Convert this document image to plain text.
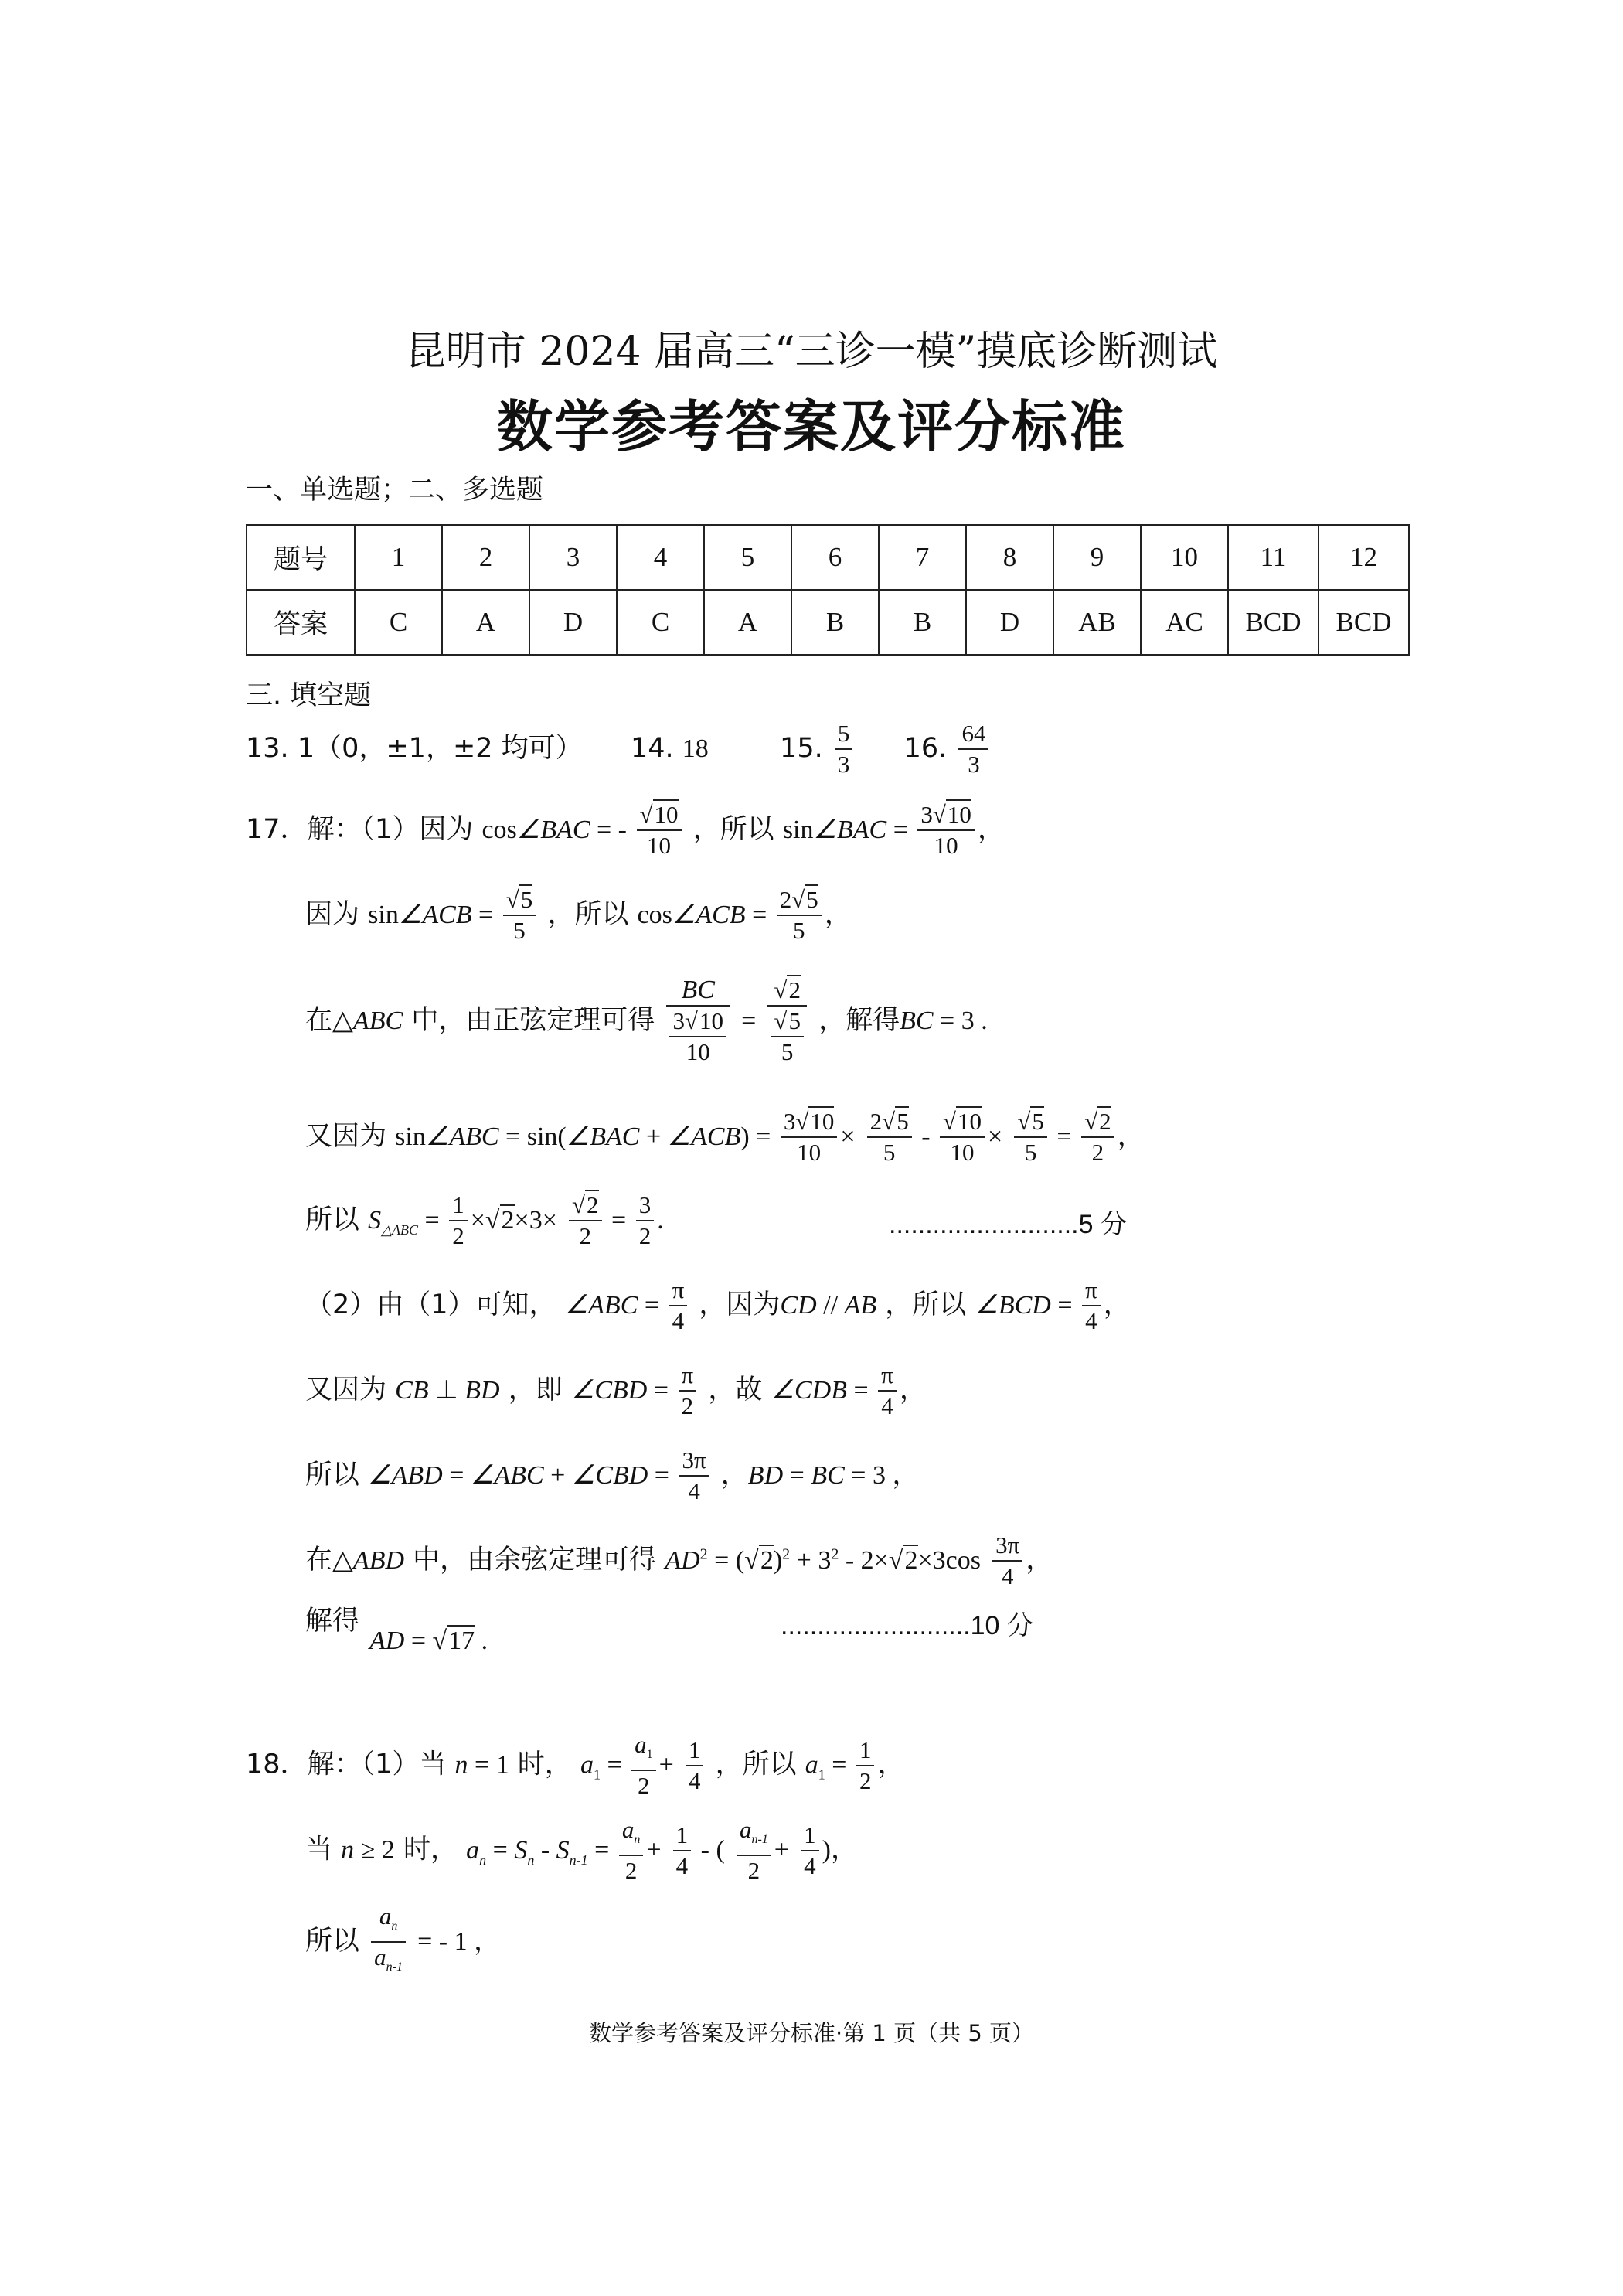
昆明市 2024 届高三“三诊一模”摸底诊断测试
数学参考答案及评分标准
一、单选题；二、多选题
题号	1	2	3	4	5	6	7	8	9	10	11	12
答案	C	A	D	C	A	B	B	D	AB	AC	BCD	BCD
三. 填空题
13. 1（0，±1，±2 均可） 14. 18	15. $\frac{5}{3} 16$. $\frac{64}{3}$
17．解：（1）因为 cos∠BAC = - $\frac{√10}{10}$ ，所以 sin∠BAC = $\frac{3√10}{10}$ ，
因为 sin∠ACB = $\frac{√5}{5}$ ，所以 cos∠ACB = $\frac{2√5}{5}$ ，
在△ABC 中，由正弦定理可得 $\frac{BC}{\frac{3√10}{10}} = \frac{√2}{\frac{√5}{5}}$ ，解得BC = 3 .
又因为 sin∠ABC = sin(∠BAC + ∠ACB) = $\frac{3√10}{10} \times \frac{2√5}{5} - \frac{√10}{10} \times \frac{√5}{5} = \frac{√2}{2}$ ，
所以 $S_{\triangle ABC} = \frac{1}{2} \times√2\times 3\times \frac{√2}{2} = \frac{3}{2}$ .	..........................5 分
（2）由（1）可知， ∠ABC = $\frac{\pi}{4}$ ，因为CD // AB ，所以 ∠BCD = $\frac{\pi}{4}$ ，
又因为 CB ⊥ BD ，即 ∠CBD = $\frac{\pi}{2}$ ，故 ∠CDB = $\frac{\pi}{4}$ ，
所以 ∠ABD = ∠ABC + ∠CBD = $\frac{3\pi}{4}$ ，BD = BC = 3 ，
在△ABD 中，由余弦定理可得 $AD^2 = (√2)^2 + 3^2 - 2\times√2\times 3\cos \frac{3\pi}{4}$ ，
解得
AD = √17 .
..........................10 分
18．解：（1）当 n = 1 时， $a_1 = \frac{a_1}{2} + \frac{1}{4}$ ，所以 $a_1 = \frac{1}{2}$ ，
当 n ≥ 2 时， $a_n = S_n - S_{n-1} = \frac{a_n}{2} + \frac{1}{4}$ - ( $\frac{a_{n-1}}{2} + \frac{1}{4}$ )，
所以 $\frac{a_n}{a_{n-1}}$ = - 1 ，
数学参考答案及评分标准·第 1 页（共 5 页）
